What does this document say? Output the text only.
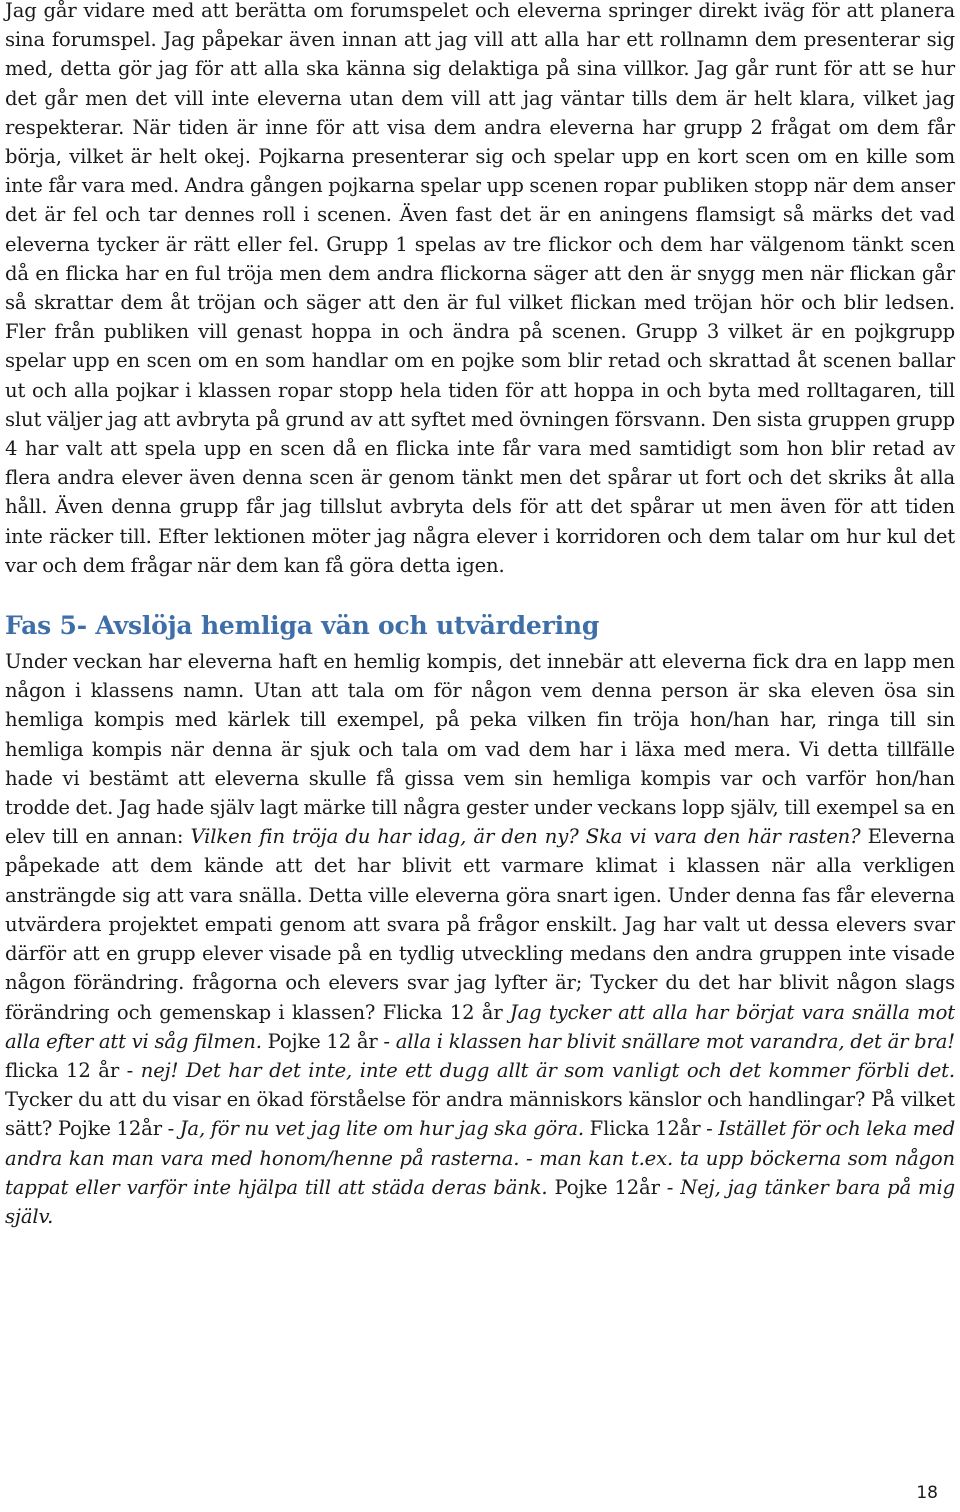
Jag går vidare med att berätta om forumspelet och eleverna springer direkt iväg för att planera sina forumspel. Jag påpekar även innan att jag vill att alla har ett rollnamn dem presenterar sig med, detta gör jag för att alla ska känna sig delaktiga på sina villkor. Jag går runt för att se hur det går men det vill inte eleverna utan dem vill att jag väntar tills dem är helt klara, vilket jag respekterar. När tiden är inne för att visa dem andra eleverna har grupp 2 frågat om dem får börja, vilket är helt okej. Pojkarna presenterar sig och spelar upp en kort scen om en kille som inte får vara med. Andra gången pojkarna spelar upp scenen ropar publiken stopp när dem anser det är fel och tar dennes roll i scenen. Även fast det är en aningens flamsigt så märks det vad eleverna tycker är rätt eller fel. Grupp 1 spelas av tre flickor och dem har välgenom tänkt scen då en flicka har en ful tröja men dem andra flickorna säger att den är snygg men när flickan går så skrattar dem åt tröjan och säger att den är ful vilket flickan med tröjan hör och blir ledsen. Fler från publiken vill genast hoppa in och ändra på scenen. Grupp 3 vilket är en pojkgrupp spelar upp en scen om en som handlar om en pojke som blir retad och skrattad åt scenen ballar ut och alla pojkar i klassen ropar stopp hela tiden för att hoppa in och byta med rolltagaren, till slut väljer jag att avbryta på grund av att syftet med övningen försvann. Den sista gruppen grupp 4 har valt att spela upp en scen då en flicka inte får vara med samtidigt som hon blir retad av flera andra elever även denna scen är genom tänkt men det spårar ut fort och det skriks åt alla håll. Även denna grupp får jag tillslut avbryta dels för att det spårar ut men även för att tiden inte räcker till. Efter lektionen möter jag några elever i korridoren och dem talar om hur kul det var och dem frågar när dem kan få göra detta igen.

Fas 5- Avslöja hemliga vän och utvärdering

Under veckan har eleverna haft en hemlig kompis, det innebär att eleverna fick dra en lapp men någon i klassens namn. Utan att tala om för någon vem denna person är ska eleven ösa sin hemliga kompis med kärlek till exempel, på peka vilken fin tröja hon/han har, ringa till sin hemliga kompis när denna är sjuk och tala om vad dem har i läxa med mera. Vi detta tillfälle hade vi bestämt att eleverna skulle få gissa vem sin hemliga kompis var och varför hon/han trodde det. Jag hade själv lagt märke till några gester under veckans lopp själv, till exempel sa en elev till en annan: Vilken fin tröja du har idag, är den ny? Ska vi vara den här rasten? Eleverna påpekade att dem kände att det har blivit ett varmare klimat i klassen när alla verkligen ansträngde sig att vara snälla. Detta ville eleverna göra snart igen. Under denna fas får eleverna utvärdera projektet empati genom att svara på frågor enskilt. Jag har valt ut dessa elevers svar därför att en grupp elever visade på en tydlig utveckling medans den andra gruppen inte visade någon förändring. frågorna och elevers svar jag lyfter är; Tycker du det har blivit någon slags förändring och gemenskap i klassen? Flicka 12 år Jag tycker att alla har börjat vara snälla mot alla efter att vi såg filmen. Pojke 12 år - alla i klassen har blivit snällare mot varandra, det är bra! flicka 12 år - nej! Det har det inte, inte ett dugg allt är som vanligt och det kommer förbli det. Tycker du att du visar en ökad förståelse för andra människors känslor och handlingar? På vilket sätt? Pojke 12år - Ja, för nu vet jag lite om hur jag ska göra. Flicka 12år - Istället för och leka med andra kan man vara med honom/henne på rasterna. - man kan t.ex. ta upp böckerna som någon tappat eller varför inte hjälpa till att städa deras bänk. Pojke 12år - Nej, jag tänker bara på mig själv.

18
